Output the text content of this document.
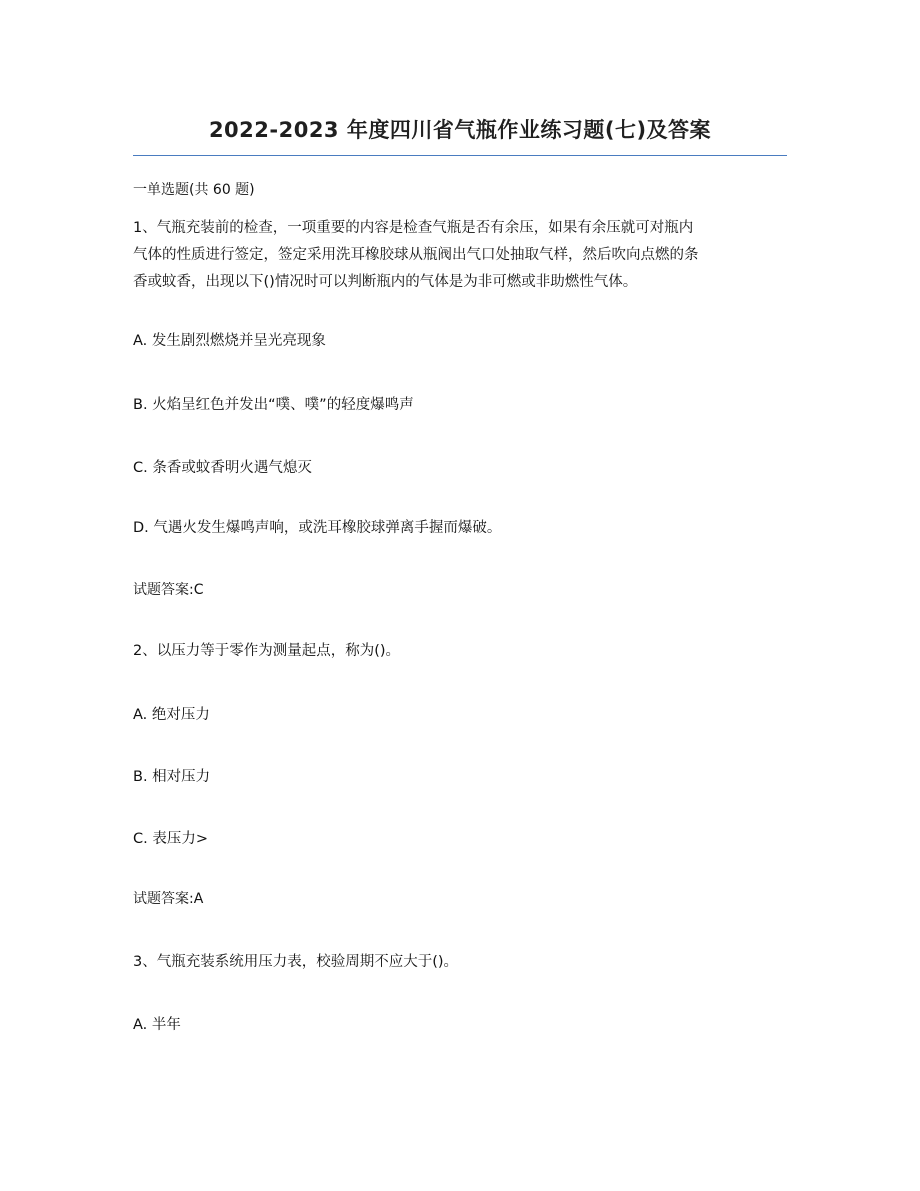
2022-2023 年度四川省气瓶作业练习题(七)及答案
一单选题(共 60 题)
1、气瓶充装前的检查，一项重要的内容是检查气瓶是否有余压，如果有余压就可对瓶内
气体的性质进行签定，签定采用洗耳橡胶球从瓶阀出气口处抽取气样，然后吹向点燃的条
香或蚊香，出现以下()情况时可以判断瓶内的气体是为非可燃或非助燃性气体。
A. 发生剧烈燃烧并呈光亮现象
B. 火焰呈红色并发出“噗、噗”的轻度爆鸣声
C. 条香或蚊香明火遇气熄灭
D. 气遇火发生爆鸣声响，或洗耳橡胶球弹离手握而爆破。
试题答案:C
2、以压力等于零作为测量起点，称为()。
A. 绝对压力
B. 相对压力
C. 表压力>
试题答案:A
3、气瓶充装系统用压力表，校验周期不应大于()。
A. 半年
